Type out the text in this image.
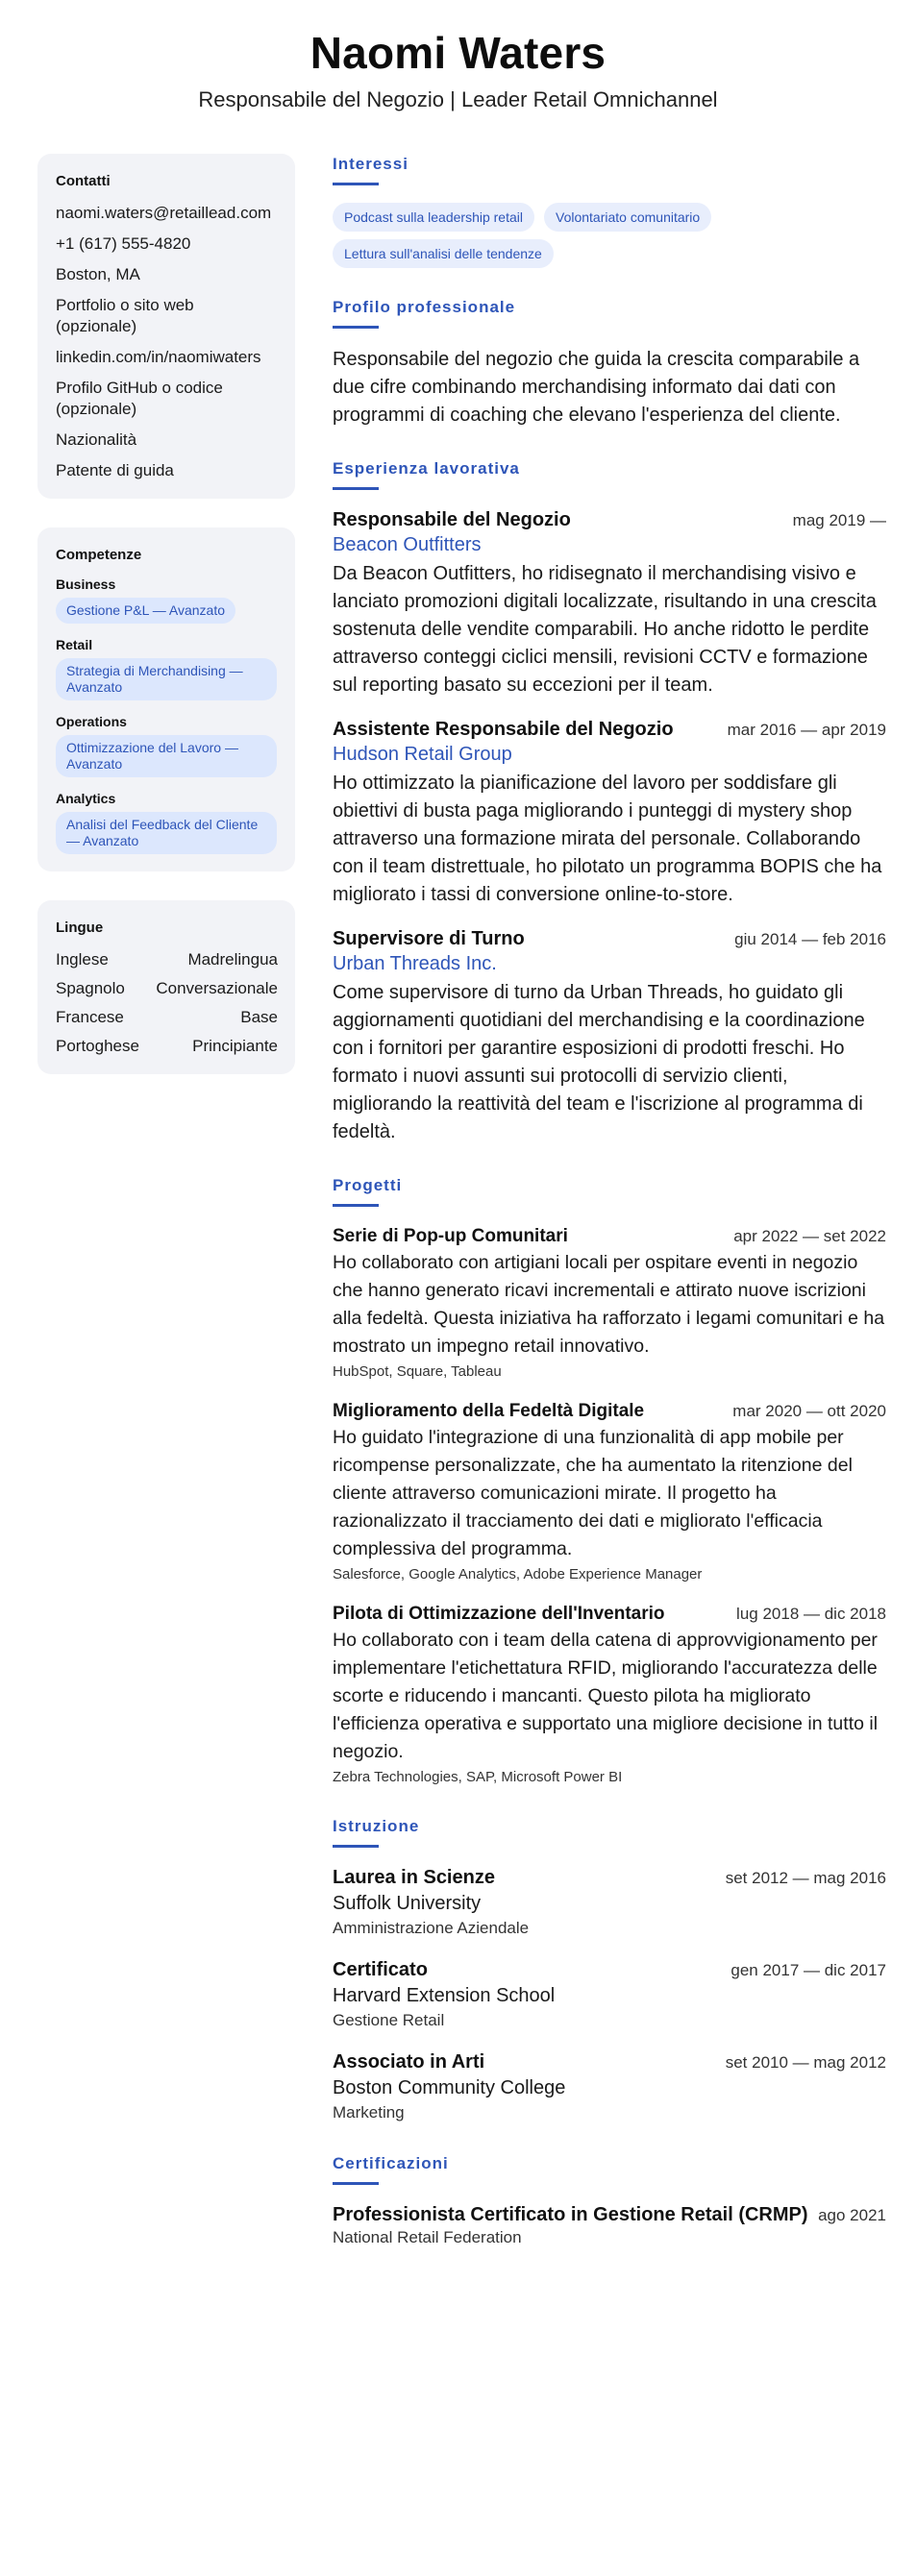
Naomi Waters
Responsabile del Negozio | Leader Retail Omnichannel
Contatti
naomi.waters@retaillead.com
+1 (617) 555-4820
Boston, MA
Portfolio o sito web (opzionale)
linkedin.com/in/naomiwaters
Profilo GitHub o codice (opzionale)
Nazionalità
Patente di guida
Competenze
Business
Gestione P&L — Avanzato
Retail
Strategia di Merchandising — Avanzato
Operations
Ottimizzazione del Lavoro — Avanzato
Analytics
Analisi del Feedback del Cliente — Avanzato
Lingue
Inglese	Madrelingua
Spagnolo Conversazionale
Francese	Base
Portoghese	Principiante
Interessi
Podcast sulla leadership retail	Volontariato comunitario
Lettura sull'analisi delle tendenze
Profilo professionale
Responsabile del negozio che guida la crescita comparabile a due cifre combinando merchandising informato dai dati con programmi di coaching che elevano l'esperienza del cliente.
Esperienza lavorativa
Responsabile del Negozio	mag 2019 —
Beacon Outfitters
Da Beacon Outfitters, ho ridisegnato il merchandising visivo e lanciato promozioni digitali localizzate, risultando in una crescita sostenuta delle vendite comparabili. Ho anche ridotto le perdite attraverso conteggi ciclici mensili, revisioni CCTV e formazione sul reporting basato su eccezioni per il team.
Assistente Responsabile del Negozio	mar 2016 — apr 2019
Hudson Retail Group
Ho ottimizzato la pianificazione del lavoro per soddisfare gli obiettivi di busta paga migliorando i punteggi di mystery shop attraverso una formazione mirata del personale. Collaborando con il team distrettuale, ho pilotato un programma BOPIS che ha migliorato i tassi di conversione online-to-store.
Supervisore di Turno	giu 2014 — feb 2016
Urban Threads Inc.
Come supervisore di turno da Urban Threads, ho guidato gli aggiornamenti quotidiani del merchandising e la coordinazione con i fornitori per garantire esposizioni di prodotti freschi. Ho formato i nuovi assunti sui protocolli di servizio clienti, migliorando la reattività del team e l'iscrizione al programma di fedeltà.
Progetti
Serie di Pop-up Comunitari	apr 2022 — set 2022
Ho collaborato con artigiani locali per ospitare eventi in negozio che hanno generato ricavi incrementali e attirato nuove iscrizioni alla fedeltà. Questa iniziativa ha rafforzato i legami comunitari e ha mostrato un impegno retail innovativo.
HubSpot, Square, Tableau
Miglioramento della Fedeltà Digitale	mar 2020 — ott 2020
Ho guidato l'integrazione di una funzionalità di app mobile per ricompense personalizzate, che ha aumentato la ritenzione del cliente attraverso comunicazioni mirate. Il progetto ha razionalizzato il tracciamento dei dati e migliorato l'efficacia complessiva del programma.
Salesforce, Google Analytics, Adobe Experience Manager
Pilota di Ottimizzazione dell'Inventario	lug 2018 — dic 2018
Ho collaborato con i team della catena di approvvigionamento per implementare l'etichettatura RFID, migliorando l'accuratezza delle scorte e riducendo i mancanti. Questo pilota ha migliorato l'efficienza operativa e supportato una migliore decisione in tutto il negozio.
Zebra Technologies, SAP, Microsoft Power BI
Istruzione
Laurea in Scienze	set 2012 — mag 2016
Suffolk University
Amministrazione Aziendale
Certificato	gen 2017 — dic 2017
Harvard Extension School
Gestione Retail
Associato in Arti	set 2010 — mag 2012
Boston Community College
Marketing
Certificazioni
Professionista Certificato in Gestione Retail (CRMP) ago 2021
National Retail Federation
